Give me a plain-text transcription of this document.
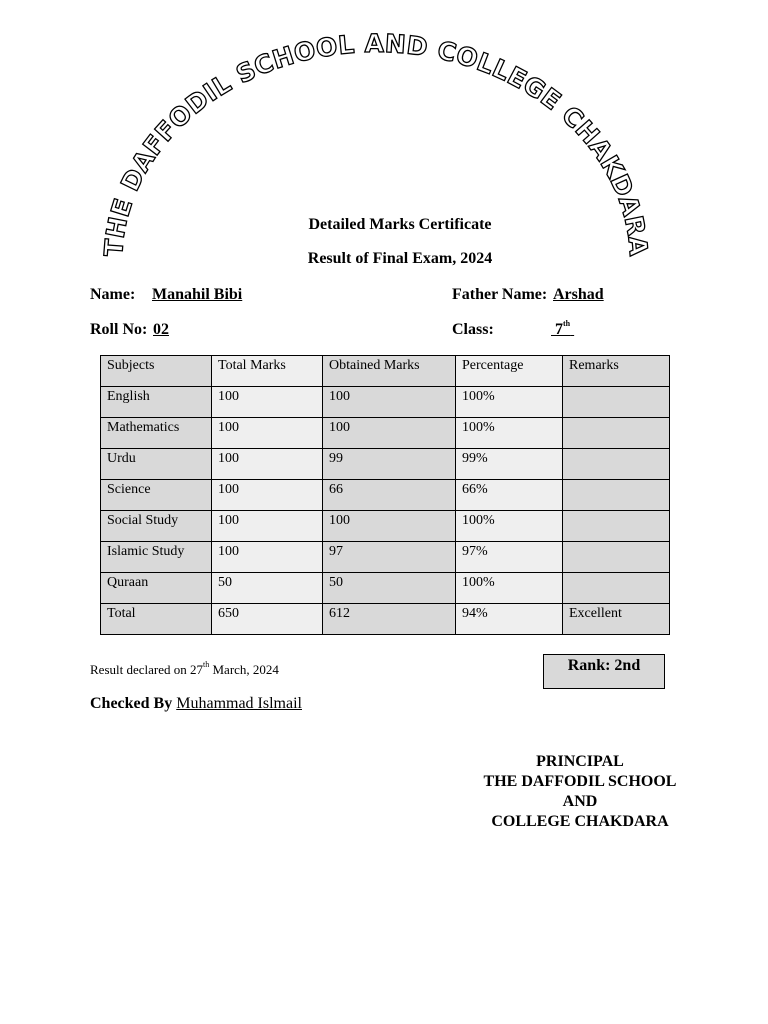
THE DAFFODIL SCHOOL AND COLLEGE CHAKDARA
Detailed Marks Certificate
Result of Final Exam, 2024
Name: Manahil Bibi	Father Name: Arshad
Roll No: 02	Class:	7th
Subjects	Total Marks	Obtained Marks	Percentage	Remarks
English	100	100	100%	
Mathematics	100	100	100%	
Urdu	100	99	99%	
Science	100	66	66%	
Social Study	100	100	100%	
Islamic Study	100	97	97%	
Quraan	50	50	100%	
Total	650	612	94%	Excellent
Result declared on 27th March, 2024	Rank: 2nd
Checked By Muhammad Islmail
PRINCIPAL
THE DAFFODIL SCHOOL
AND
COLLEGE CHAKDARA
